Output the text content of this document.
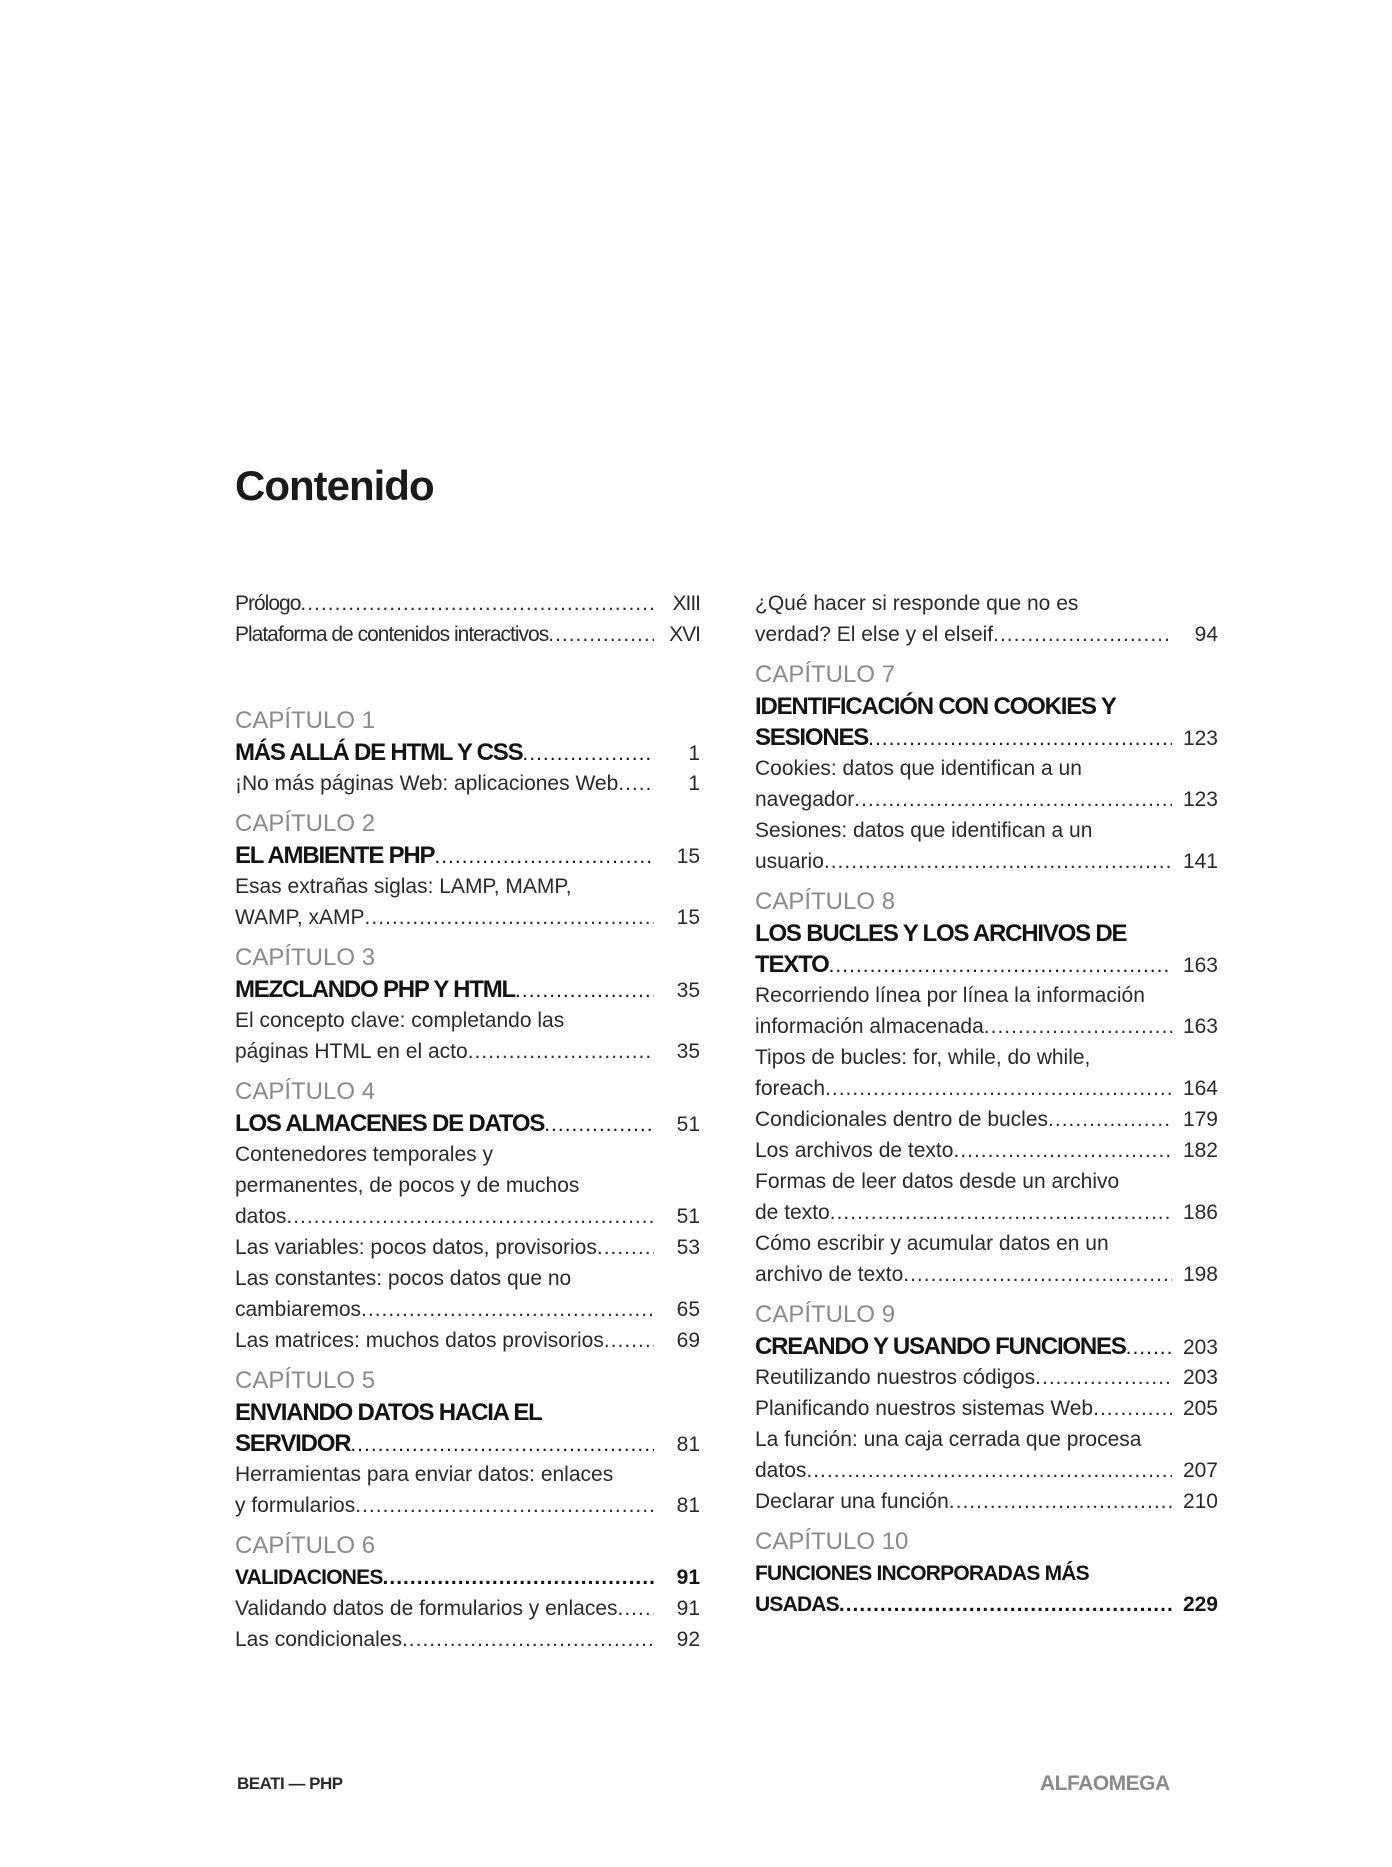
Contenido
Prólogo .....	XIII
Plataforma de contenidos interactivos .....	XVI
CAPÍTULO 1
MÁS ALLÁ DE HTML Y CSS .....	1
¡No más páginas Web: aplicaciones Web .....	1
CAPÍTULO 2
EL AMBIENTE PHP .....	15
Esas extrañas siglas: LAMP, MAMP,
WAMP, xAMP .....	15
CAPÍTULO 3
MEZCLANDO PHP Y HTML .....	35
El concepto clave: completando las
páginas HTML en el acto .....	35
CAPÍTULO 4
LOS ALMACENES DE DATOS .....	51
Contenedores temporales y
permanentes, de pocos y de muchos
datos .....	51
Las variables: pocos datos, provisorios .....	53
Las constantes: pocos datos que no
cambiaremos .....	65
Las matrices: muchos datos provisorios .....	69
CAPÍTULO 5
ENVIANDO DATOS HACIA EL
SERVIDOR .....	81
Herramientas para enviar datos: enlaces
y formularios .....	81
CAPÍTULO 6
VALIDACIONES .....	91
Validando datos de formularios y enlaces .....	91
Las condicionales .....	92
¿Qué hacer si responde que no es
verdad? El else y el elseif .....	94
CAPÍTULO 7
IDENTIFICACIÓN CON COOKIES Y
SESIONES .....	123
Cookies: datos que identifican a un
navegador .....	123
Sesiones: datos que identifican a un
usuario .....	141
CAPÍTULO 8
LOS BUCLES Y LOS ARCHIVOS DE
TEXTO .....	163
Recorriendo línea por línea la información
información almacenada .....	163
Tipos de bucles: for, while, do while,
foreach .....	164
Condicionales dentro de bucles .....	179
Los archivos de texto .....	182
Formas de leer datos desde un archivo
de texto .....	186
Cómo escribir y acumular datos en un
archivo de texto .....	198
CAPÍTULO 9
CREANDO Y USANDO FUNCIONES .....	203
Reutilizando nuestros códigos .....	203
Planificando nuestros sistemas Web .....	205
La función: una caja cerrada que procesa
datos .....	207
Declarar una función .....	210
CAPÍTULO 10
FUNCIONES INCORPORADAS MÁS
USADAS .....	229
BEATI — PHP	ALFAOMEGA
